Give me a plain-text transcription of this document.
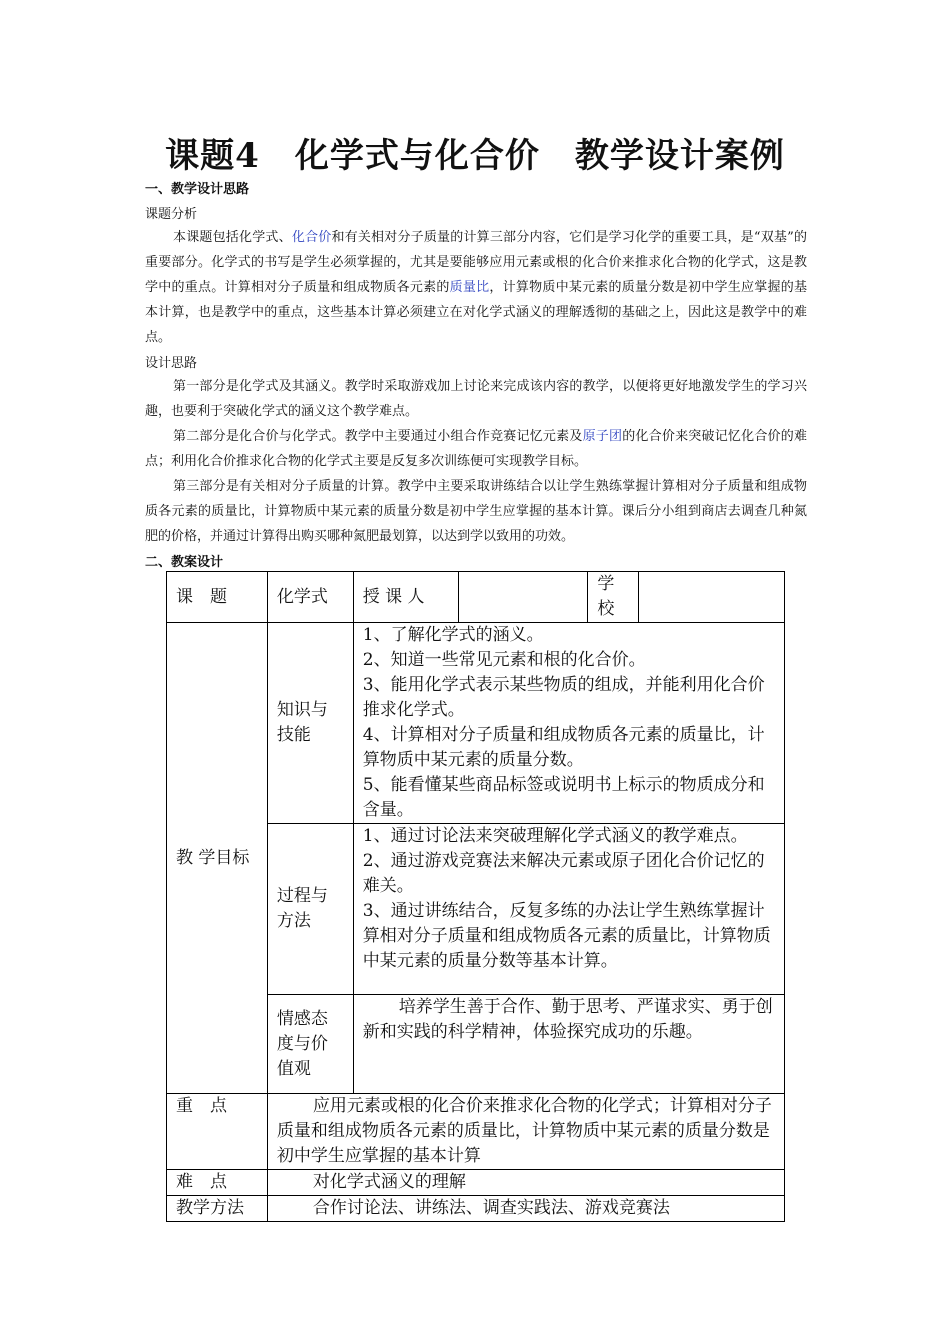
课题4　化学式与化合价　教学设计案例
一、教学设计思路
课题分析

本课题包括化学式、化合价和有关相对分子质量的计算三部分内容，它们是学习化学的重要工具，是“双基”的重要部分。化学式的书写是学生必须掌握的，尤其是要能够应用元素或根的化合价来推求化合物的化学式，这是教学中的重点。计算相对分子质量和组成物质各元素的质量比，计算物质中某元素的质量分数是初中学生应掌握的基本计算，也是教学中的重点，这些基本计算必须建立在对化学式涵义的理解透彻的基础之上，因此这是教学中的难点。

设计思路

第一部分是化学式及其涵义。教学时采取游戏加上讨论来完成该内容的教学，以便将更好地激发学生的学习兴趣，也要利于突破化学式的涵义这个教学难点。

第二部分是化合价与化学式。教学中主要通过小组合作竞赛记忆元素及原子团的化合价来突破记忆化合价的难点；利用化合价推求化合物的化学式主要是反复多次训练便可实现教学目标。

第三部分是有关相对分子质量的计算。教学中主要采取讲练结合以让学生熟练掌握计算相对分子质量和组成物质各元素的质量比，计算物质中某元素的质量分数是初中学生应掌握的基本计算。课后分小组到商店去调查几种氮肥的价格，并通过计算得出购买哪种氮肥最划算，以达到学以致用的功效。

二、教案设计
课　题	化学式	授 课 人		学校	
教 学目标	知识与技能	1、了解化学式的涵义。
2、知道一些常见元素和根的化合价。
3、能用化学式表示某些物质的组成，并能利用化合价推求化学式。
4、计算相对分子质量和组成物质各元素的质量比，计算物质中某元素的质量分数。
5、能看懂某些商品标签或说明书上标示的物质成分和含量。			

	过程与方法	1、通过讨论法来突破理解化学式涵义的教学难点。
2、通过游戏竞赛法来解决元素或原子团化合价记忆的难关。
3、通过讲练结合，反复多练的办法让学生熟练掌握计算相对分子质量和组成物质各元素的质量比，计算物质中某元素的质量分数等基本计算。			

	情感态度与价值观	培养学生善于合作、勤于思考、严谨求实、勇于创新和实践的科学精神，体验探究成功的乐趣。			
重　点	应用元素或根的化合价来推求化合物的化学式；计算相对分子质量和组成物质各元素的质量比，计算物质中某元素的质量分数是初中学生应掌握的基本计算				
难　点	对化学式涵义的理解				
教学方法	合作讨论法、讲练法、调查实践法、游戏竞赛法				
